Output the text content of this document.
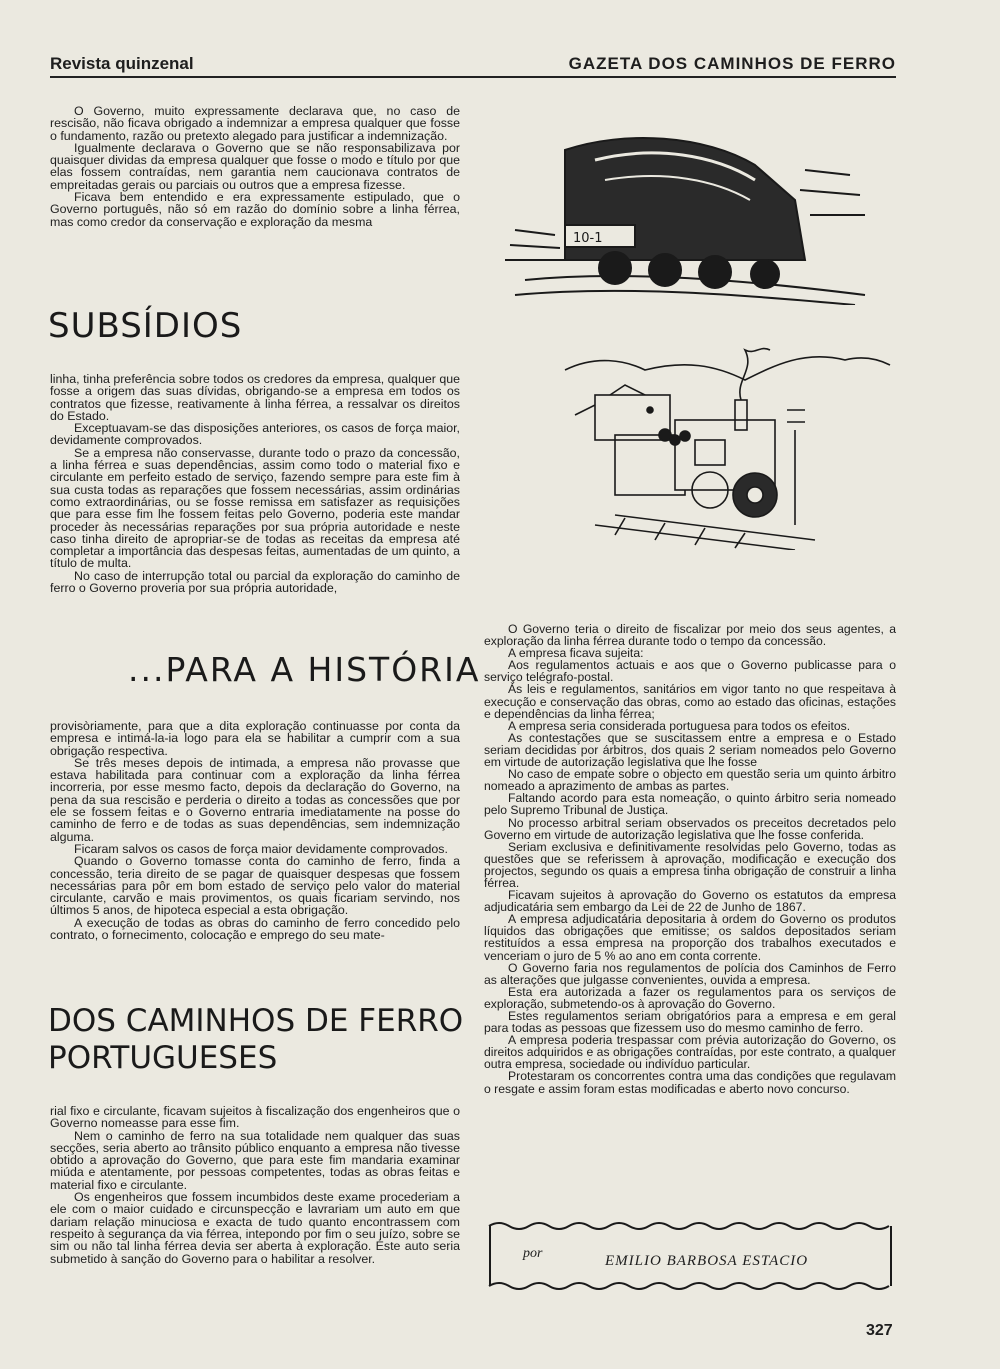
Revista quinzenal	GAZETA DOS CAMINHOS DE FERRO

O Governo, muito expressamente declarava que, no caso de rescisão, não ficava obrigado a indemnizar a empresa qualquer que fosse o fundamento, razão ou pretexto alegado para justificar a indemnização.

Igualmente declarava o Governo que se não responsabilizava por quaisquer dividas da empresa qualquer que fosse o modo e título por que elas fossem contraídas, nem garantia nem caucionava contratos de empreitadas gerais ou parciais ou outros que a empresa fizesse.

Ficava bem entendido e era expressamente estipulado, que o Governo português, não só em razão do domínio sobre a linha férrea, mas como credor da conservação e exploração da mesma

SUBSÍDIOS

linha, tinha preferência sobre todos os credores da empresa, qualquer que fosse a origem das suas dívidas, obrigando-se a empresa em todos os contratos que fizesse, reativamente à linha férrea, a ressalvar os direitos do Estado.

Exceptuavam-se das disposições anteriores, os casos de força maior, devidamente comprovados.

Se a empresa não conservasse, durante todo o prazo da concessão, a linha férrea e suas dependências, assim como todo o material fixo e circulante em perfeito estado de serviço, fazendo sempre para este fim à sua custa todas as reparações que fossem necessárias, assim ordinárias como extraordinárias, ou se fosse remissa em satisfazer as requisições que para esse fim lhe fossem feitas pelo Governo, poderia este mandar proceder às necessárias reparações por sua própria autoridade e neste caso tinha direito de apropriar-se de todas as receitas da empresa até completar a importância das despesas feitas, aumentadas de um quinto, a título de multa.

No caso de interrupção total ou parcial da exploração do caminho de ferro o Governo proveria por sua própria autoridade,

...PARA A HISTÓRIA

provisòriamente, para que a dita exploração continuasse por conta da empresa e intimá-la-ia logo para ela se habilitar a cumprir com a sua obrigação respectiva.

Se três meses depois de intimada, a empresa não provasse que estava habilitada para continuar com a exploração da linha férrea incorreria, por esse mesmo facto, depois da declaração do Governo, na pena da sua rescisão e perderia o direito a todas as concessões que por ele se fossem feitas e o Governo entraria imediatamente na posse do caminho de ferro e de todas as suas dependências, sem indemnização alguma.

Ficaram salvos os casos de força maior devidamente comprovados.

Quando o Governo tomasse conta do caminho de ferro, finda a concessão, teria direito de se pagar de quaisquer despesas que fossem necessárias para pôr em bom estado de serviço pelo valor do material circulante, carvão e mais provimentos, os quais ficariam servindo, nos últimos 5 anos, de hipoteca especial a esta obrigação.

A execução de todas as obras do caminho de ferro concedido pelo contrato, o fornecimento, colocação e emprego do seu mate-

DOS CAMINHOS DE FERRO
PORTUGUESES

rial fixo e circulante, ficavam sujeitos à fiscalização dos engenheiros que o Governo nomeasse para esse fim.

Nem o caminho de ferro na sua totalidade nem qualquer das suas secções, seria aberto ao trânsito público enquanto a empresa não tivesse obtido a aprovação do Governo, que para este fim mandaria examinar miúda e atentamente, por pessoas competentes, todas as obras feitas e material fixo e circulante.

Os engenheiros que fossem incumbidos deste exame procederiam a ele com o maior cuidado e circunspecção e lavrariam um auto em que dariam relação minuciosa e exacta de tudo quanto encontrassem com respeito à segurança da via férrea, intepondo por fim o seu juízo, sobre se sim ou não tal linha férrea devia ser aberta à exploração. Este auto seria submetido à sanção do Governo para o habilitar a resolver.

O Governo teria o direito de fiscalizar por meio dos seus agentes, a exploração da linha férrea durante todo o tempo da concessão.

A empresa ficava sujeita:

Aos regulamentos actuais e aos que o Governo publicasse para o serviço telégrafo-postal.

Às leis e regulamentos, sanitários em vigor tanto no que respeitava à execução e conservação das obras, como ao estado das oficinas, estações e dependências da linha férrea;

A empresa seria considerada portuguesa para todos os efeitos.

As contestações que se suscitassem entre a empresa e o Estado seriam decididas por árbitros, dos quais 2 seriam nomeados pelo Governo em virtude de autorização legislativa que lhe fosse

No caso de empate sobre o objecto em questão seria um quinto árbitro nomeado a aprazimento de ambas as partes.

Faltando acordo para esta nomeação, o quinto árbitro seria nomeado pelo Supremo Tribunal de Justiça.

No processo arbitral seriam observados os preceitos decretados pelo Governo em virtude de autorização legislativa que lhe fosse conferida.

Seriam exclusiva e definitivamente resolvidas pelo Governo, todas as questões que se referissem à aprovação, modificação e execução dos projectos, segundo os quais a empresa tinha obrigação de construir a linha férrea.

Ficavam sujeitos à aprovação do Governo os estatutos da empresa adjudicatária sem embargo da Lei de 22 de Junho de 1867.

A empresa adjudicatária depositaria à ordem do Governo os produtos líquidos das obrigações que emitisse; os saldos depositados seriam restituídos a essa empresa na proporção dos trabalhos executados e venceriam o juro de 5 % ao ano em conta corrente.

O Governo faria nos regulamentos de polícia dos Caminhos de Ferro as alterações que julgasse convenientes, ouvida a empresa.

Esta era autorizada a fazer os regulamentos para os serviços de exploração, submetendo-os à aprovação do Governo.

Estes regulamentos seriam obrigatórios para a empresa e em geral para todas as pessoas que fizessem uso do mesmo caminho de ferro.

A empresa poderia trespassar com prévia autorização do Governo, os direitos adquiridos e as obrigações contraídas, por este contrato, a qualquer outra empresa, sociedade ou indivíduo particular.

Protestaram os concorrentes contra uma das condições que regulavam o resgate e assim foram estas modificadas e aberto novo concurso.

10-1
por	EMILIO BARBOSA ESTACIO
327
